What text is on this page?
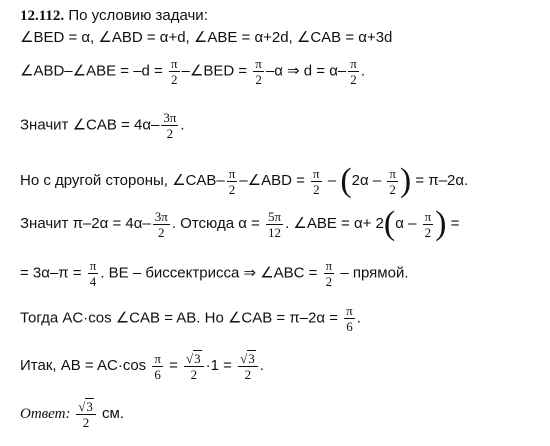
12.112. По условию задачи:
∠BED = α, ∠ABD = α+d, ∠ABE = α+2d, ∠CAB = α+3d
∠ABD–∠ABE = $-d = \frac{\pi}{2}$ –∠BED = $\frac{\pi}{2} -\alpha$ ⇒ $d = \alpha- \frac{\pi}{2}$ .
Значит ∠CAB = $4\alpha- \frac{3\pi}{2}$ .
Но с другой стороны, ∠CAB– $\frac{\pi}{2}$ –∠ABD = $\frac{\pi}{2} - (2\alpha - \frac{\pi}{2}$ ) = π–2α.
Значит $\pi-2\alpha = 4\alpha- \frac{3\pi}{2}$ . Отсюда $\alpha = \frac{5\pi}{12}$ . ∠ABE = $\alpha+ 2(\alpha - \frac{\pi}{2}$ ) =
= $3\alpha-\pi = \frac{\pi}{4}$ . BE – биссектрисса ⇒ ∠ABC = $\frac{\pi}{2}$ – прямой.
Тогда AC·cos ∠CAB = AB. Но ∠CAB = $\pi-2\alpha = \frac{\pi}{6}$ .
Итак, AB = $AC\cdot\cos \frac{\pi}{6} = \frac{√3}{2} \cdot 1 = \frac{√3}{2}$ .
Ответ: $\frac{√3}{2}$ см.
